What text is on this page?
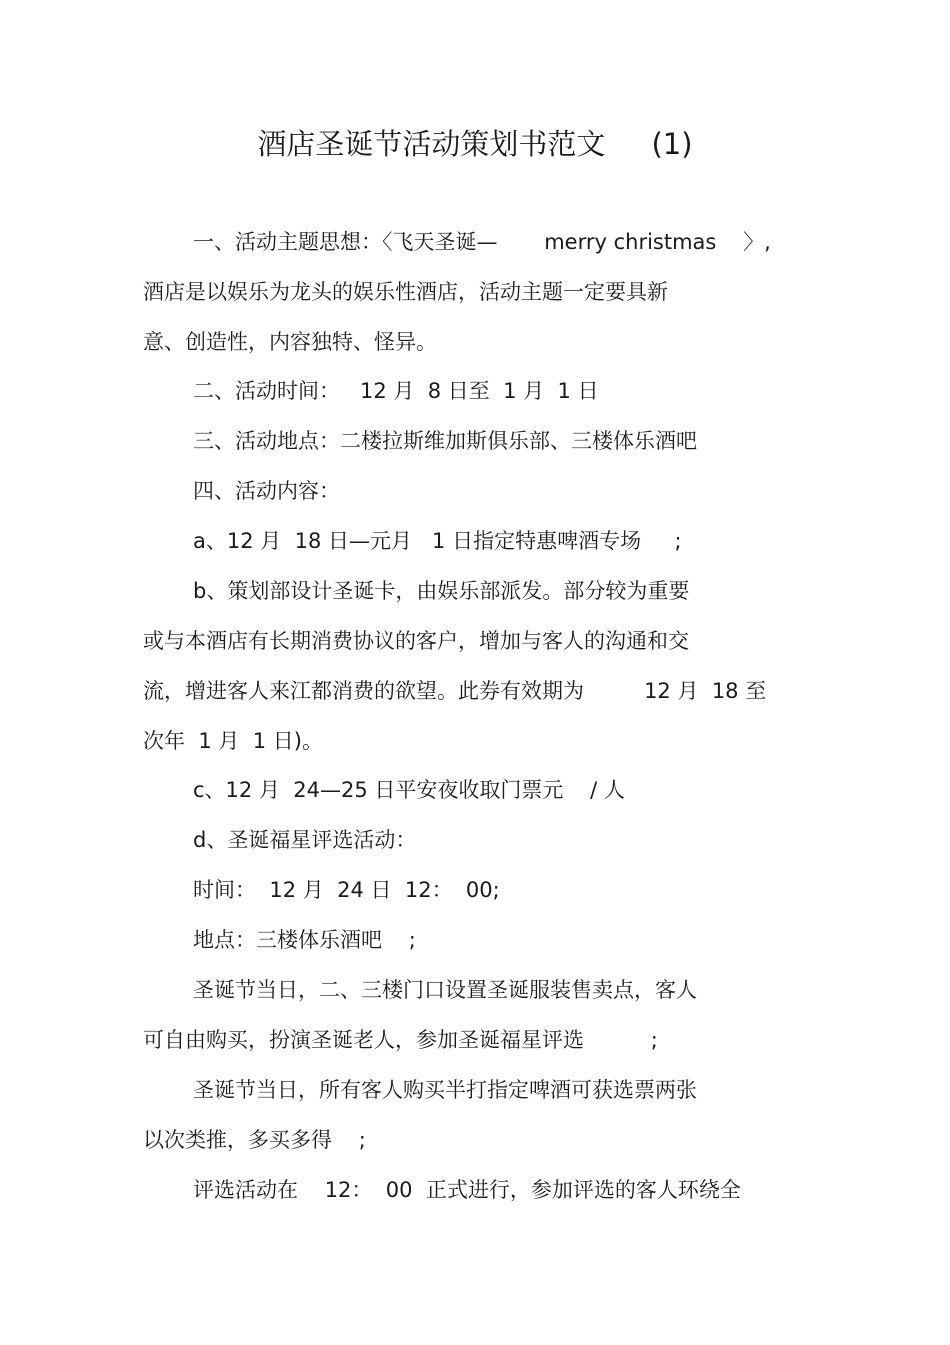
酒店圣诞节活动策划书范文     (1)
一、活动主题思想：〈飞天圣诞—       merry christmas    〉,
酒店是以娱乐为龙头的娱乐性酒店，活动主题一定要具新
意、创造性，内容独特、怪异。
二、活动时间：   12 月  8 日至  1 月  1 日
三、活动地点：二楼拉斯维加斯俱乐部、三楼体乐酒吧
四、活动内容：
a、12 月  18 日—元月   1 日指定特惠啤酒专场     ;
b、策划部设计圣诞卡，由娱乐部派发。部分较为重要
或与本酒店有长期消费协议的客户，增加与客人的沟通和交
流，增进客人来江都消费的欲望。此券有效期为         12 月  18 至
次年  1 月  1 日)。
c、12 月  24—25 日平安夜收取门票元    / 人
d、圣诞福星评选活动：
时间：  12 月  24 日  12：  00;
地点：三楼体乐酒吧    ;
圣诞节当日，二、三楼门口设置圣诞服装售卖点，客人
可自由购买，扮演圣诞老人，参加圣诞福星评选          ;
圣诞节当日，所有客人购买半打指定啤酒可获选票两张
以次类推，多买多得    ;
评选活动在    12：  00  正式进行，参加评选的客人环绕全
